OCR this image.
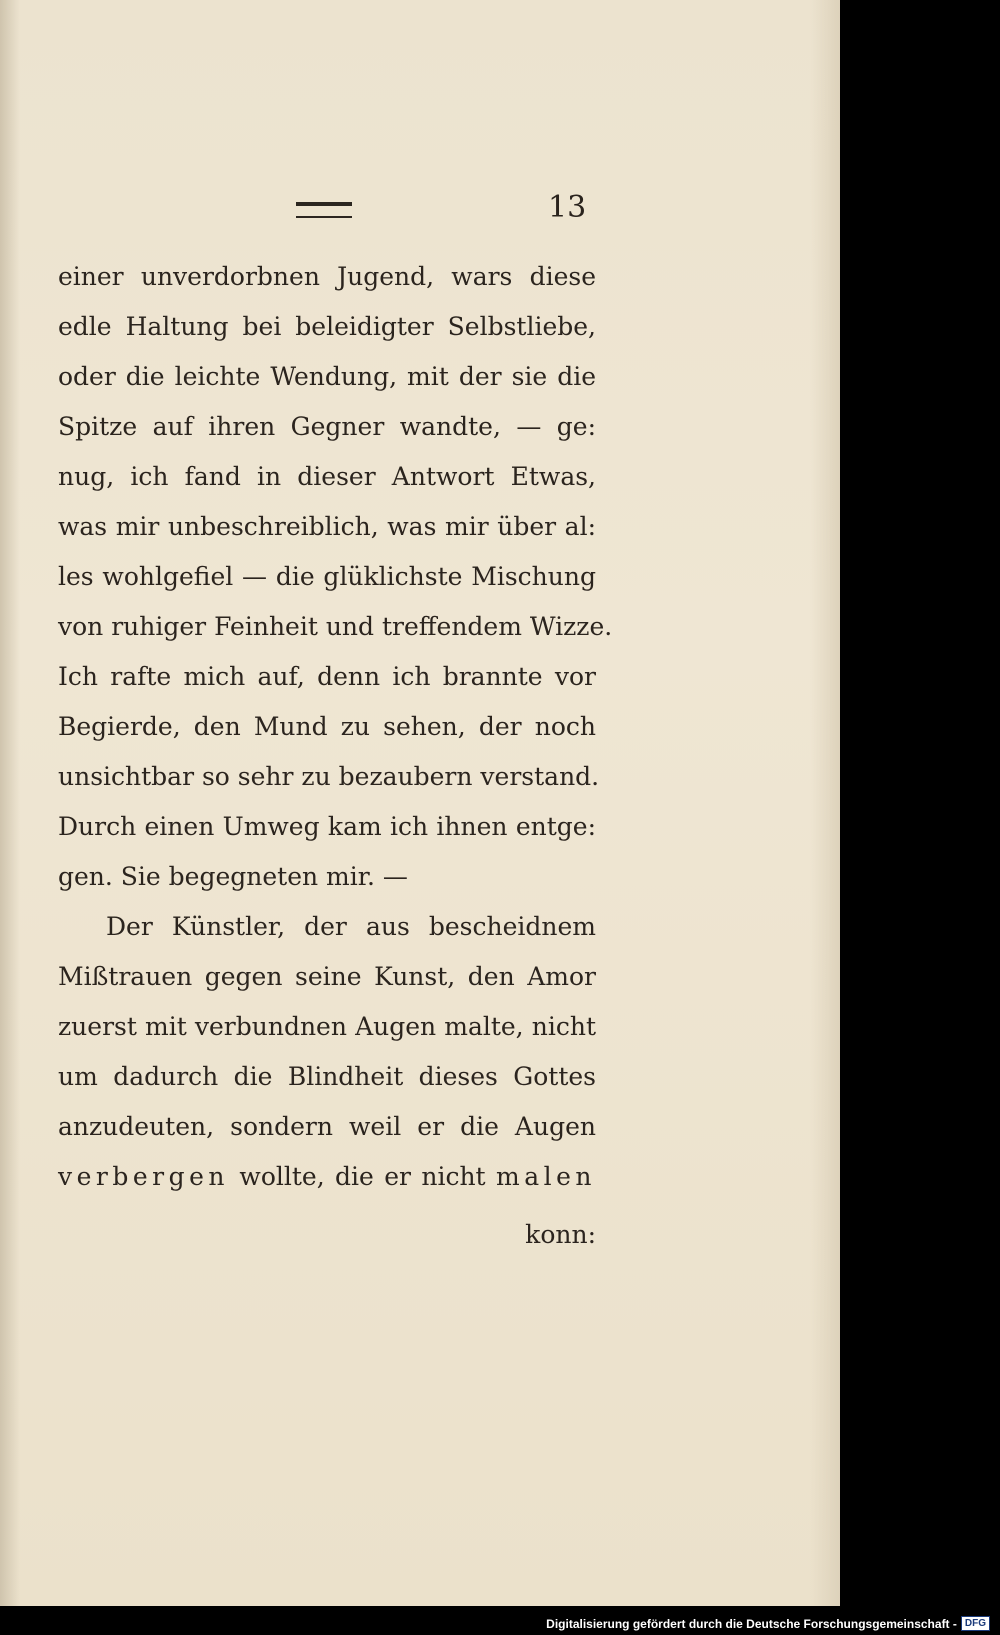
13
einer unverdorbnen Jugend, wars diese
edle Haltung bei beleidigter Selbstliebe,
oder die leichte Wendung, mit der sie die
Spitze auf ihren Gegner wandte, — ge:
nug, ich fand in dieser Antwort Etwas,
was mir unbeschreiblich, was mir über al:
les wohlgefiel — die glüklichste Mischung
von ruhiger Feinheit und treffendem Wizze.
Ich rafte mich auf, denn ich brannte vor
Begierde, den Mund zu sehen, der noch
unsichtbar so sehr zu bezaubern verstand.
Durch einen Umweg kam ich ihnen entge:
gen. Sie begegneten mir. —
Der Künstler, der aus bescheidnem
Mißtrauen gegen seine Kunst, den Amor
zuerst mit verbundnen Augen malte, nicht
um dadurch die Blindheit dieses Gottes
anzudeuten, sondern weil er die Augen
verbergen wollte, die er nicht malen
konn:
Digitalisierung gefördert durch die Deutsche Forschungsgemeinschaft - DFG
